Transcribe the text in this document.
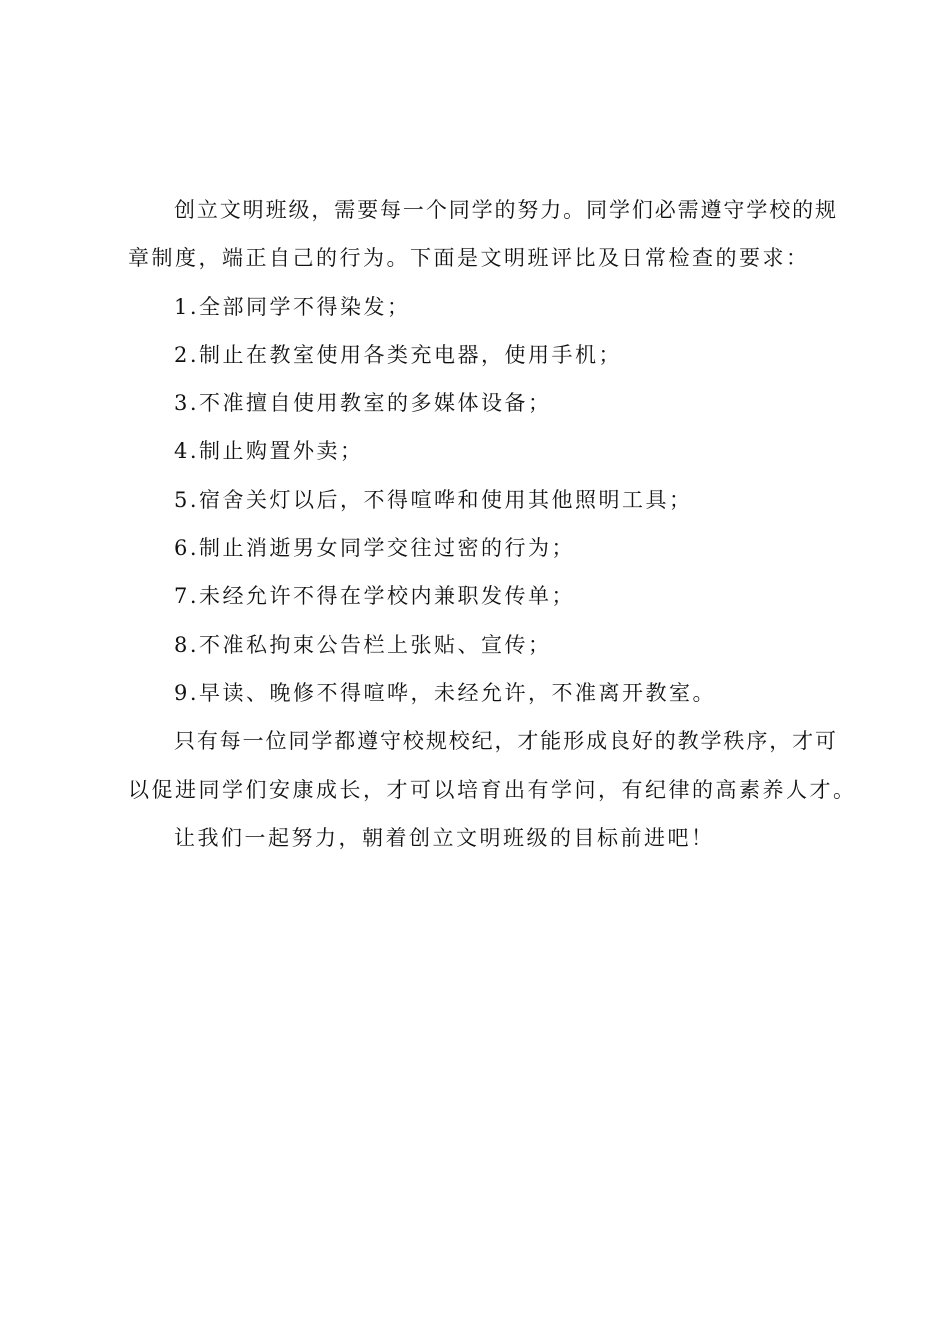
创立文明班级，需要每一个同学的努力。同学们必需遵守学校的规
章制度，端正自己的行为。下面是文明班评比及日常检查的要求：
1.全部同学不得染发；
2.制止在教室使用各类充电器，使用手机；
3.不准擅自使用教室的多媒体设备；
4.制止购置外卖；
5.宿舍关灯以后，不得喧哗和使用其他照明工具；
6.制止消逝男女同学交往过密的行为；
7.未经允许不得在学校内兼职发传单；
8.不准私拘束公告栏上张贴、宣传；
9.早读、晚修不得喧哗，未经允许，不准离开教室。
只有每一位同学都遵守校规校纪，才能形成良好的教学秩序，才可
以促进同学们安康成长，才可以培育出有学问，有纪律的高素养人才。
让我们一起努力，朝着创立文明班级的目标前进吧！
